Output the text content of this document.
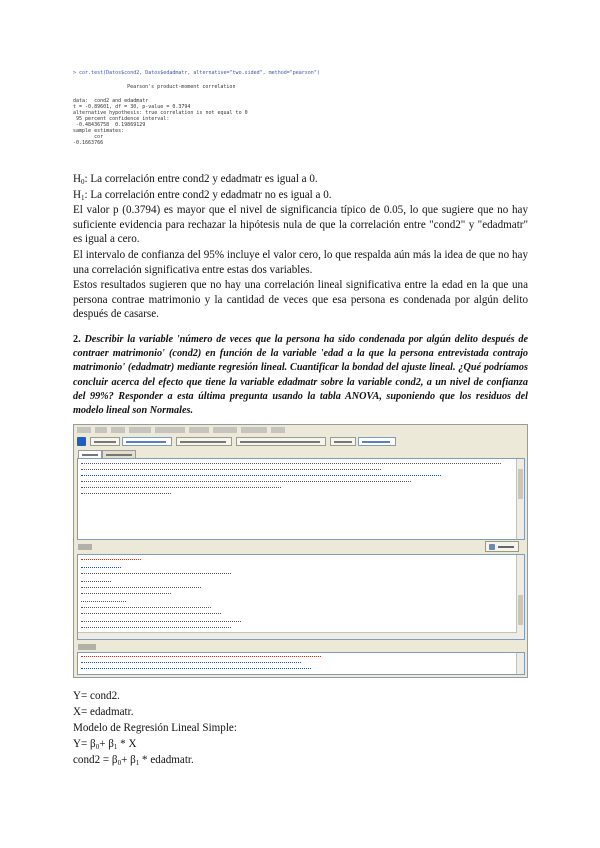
> cor.test(Datos$cond2, Datos$edadmatr, alternative="two.sided", method="pearson")
Pearson's product-moment correlation
data:  cond2 and edadmatr
t = -0.89601, df = 30, p-value = 0.3794
alternative hypothesis: true correlation is not equal to 0
95 percent confidence interval:
-0.48436758  0.19869129
sample estimates:
cor
-0.1663766
$H_0$: La correlación entre cond2 y edadmatr es igual a 0.
$H_1$: La correlación entre cond2 y edadmatr no es igual a 0.
El valor p (0.3794) es mayor que el nivel de significancia típico de 0.05, lo que sugiere que no hay suficiente evidencia para rechazar la hipótesis nula de que la correlación entre "cond2" y "edadmatr" es igual a cero.
El intervalo de confianza del 95% incluye el valor cero, lo que respalda aún más la idea de que no hay una correlación significativa entre estas dos variables.
Estos resultados sugieren que no hay una correlación lineal significativa entre la edad en la que una persona contrae matrimonio y la cantidad de veces que esa persona es condenada por algún delito después de casarse.
2. Describir la variable 'número de veces que la persona ha sido condenada por algún delito después de contraer matrimonio' (cond2) en función de la variable 'edad a la que la persona entrevistada contrajo matrimonio' (edadmatr) mediante regresión lineal. Cuantificar la bondad del ajuste lineal. ¿Qué podríamos concluir acerca del efecto que tiene la variable edadmatr sobre la variable cond2, a un nivel de confianza del 99%? Responder a esta última pregunta usando la tabla ANOVA, suponiendo que los residuos del modelo lineal son Normales.
Y= cond2.
X= edadmatr.
Modelo de Regresión Lineal Simple:
$Y= \beta_0+ \beta_1 * X$
cond2 = $\beta_0+ \beta_1$ * edadmatr.
